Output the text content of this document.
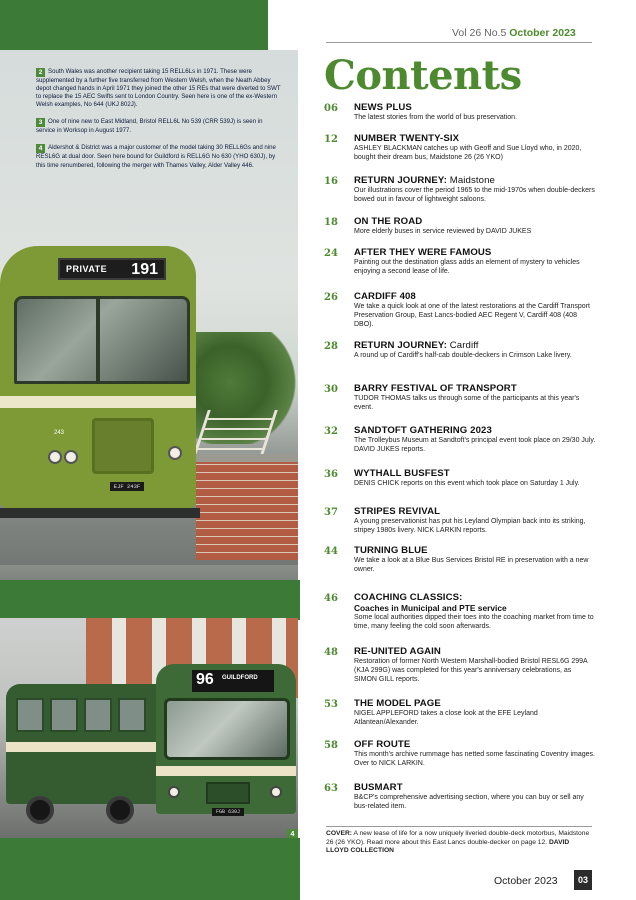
2 South Wales was another recipient taking 15 RELL6Ls in 1971. These were supplemented by a further five transferred from Western Welsh, when the Neath Abbey depot changed hands in April 1971 they joined the other 15 REs that were diverted to SWT to replace the 15 AEC Swifts sent to London Country. Seen here is one of the ex-Western Welsh examples, No 644 (UKJ 802J).

3 One of nine new to East Midland, Bristol RELL6L No 539 (CRR 539J) is seen in service in Worksop in August 1977.

4 Aldershot & District was a major customer of the model taking 30 RELL6Gs and nine RESL6G at dual door. Seen here bound for Guildford is RELL6G No 630 (YHO 630J), by this time renumbered, following the merger with Thames Valley, Alder Valley 446.

PRIVATE 191
243
EJF 243F
96 GUILDFORD
FGB 630J
4
Vol 26 No.5 October 2023
Contents
06	NEWS PLUS
The latest stories from the world of bus preservation.
12	NUMBER TWENTY-SIX
ASHLEY BLACKMAN catches up with Geoff and Sue Lloyd who, in 2020, bought their dream bus, Maidstone 26 (26 YKO)
16	RETURN JOURNEY: Maidstone
Our illustrations cover the period 1965 to the mid-1970s when double-deckers bowed out in favour of lightweight saloons.
18	ON THE ROAD
More elderly buses in service reviewed by DAVID JUKES
24	AFTER THEY WERE FAMOUS
Painting out the destination glass adds an element of mystery to vehicles enjoying a second lease of life.
26	CARDIFF 408
We take a quick look at one of the latest restorations at the Cardiff Transport Preservation Group, East Lancs-bodied AEC Regent V, Cardiff 408 (408 DBO).
28	RETURN JOURNEY: Cardiff
A round up of Cardiff's half-cab double-deckers in Crimson Lake livery.
30	BARRY FESTIVAL OF TRANSPORT
TUDOR THOMAS talks us through some of the participants at this year's event.
32	SANDTOFT GATHERING 2023
The Trolleybus Museum at Sandtoft's principal event took place on 29/30 July. DAVID JUKES reports.
36	WYTHALL BUSFEST
DENIS CHICK reports on this event which took place on Saturday 1 July.
37	STRIPES REVIVAL
A young preservationist has put his Leyland Olympian back into its striking, stripey 1980s livery. NICK LARKIN reports.
44	TURNING BLUE
We take a look at a Blue Bus Services Bristol RE in preservation with a new owner.
46	COACHING CLASSICS:
Coaches in Municipal and PTE service
Some local authorities dipped their toes into the coaching market from time to time, many feeling the cold soon afterwards.
48	RE-UNITED AGAIN
Restoration of former North Western Marshall-bodied Bristol RESL6G 299A (KJA 299G) was completed for this year's anniversary celebrations, as SIMON GILL reports.
53	THE MODEL PAGE
NIGEL APPLEFORD takes a close look at the EFE Leyland Atlantean/Alexander.
58	OFF ROUTE
This month's archive rummage has netted some fascinating Coventry images. Over to NICK LARKIN.
63	BUSMART
B&CP's comprehensive advertising section, where you can buy or sell any bus-related item.
COVER: A new lease of life for a now uniquely liveried double-deck motorbus, Maidstone 26 (26 YKO). Read more about this East Lancs double-decker on page 12. DAVID LLOYD COLLECTION
October 2023	03
